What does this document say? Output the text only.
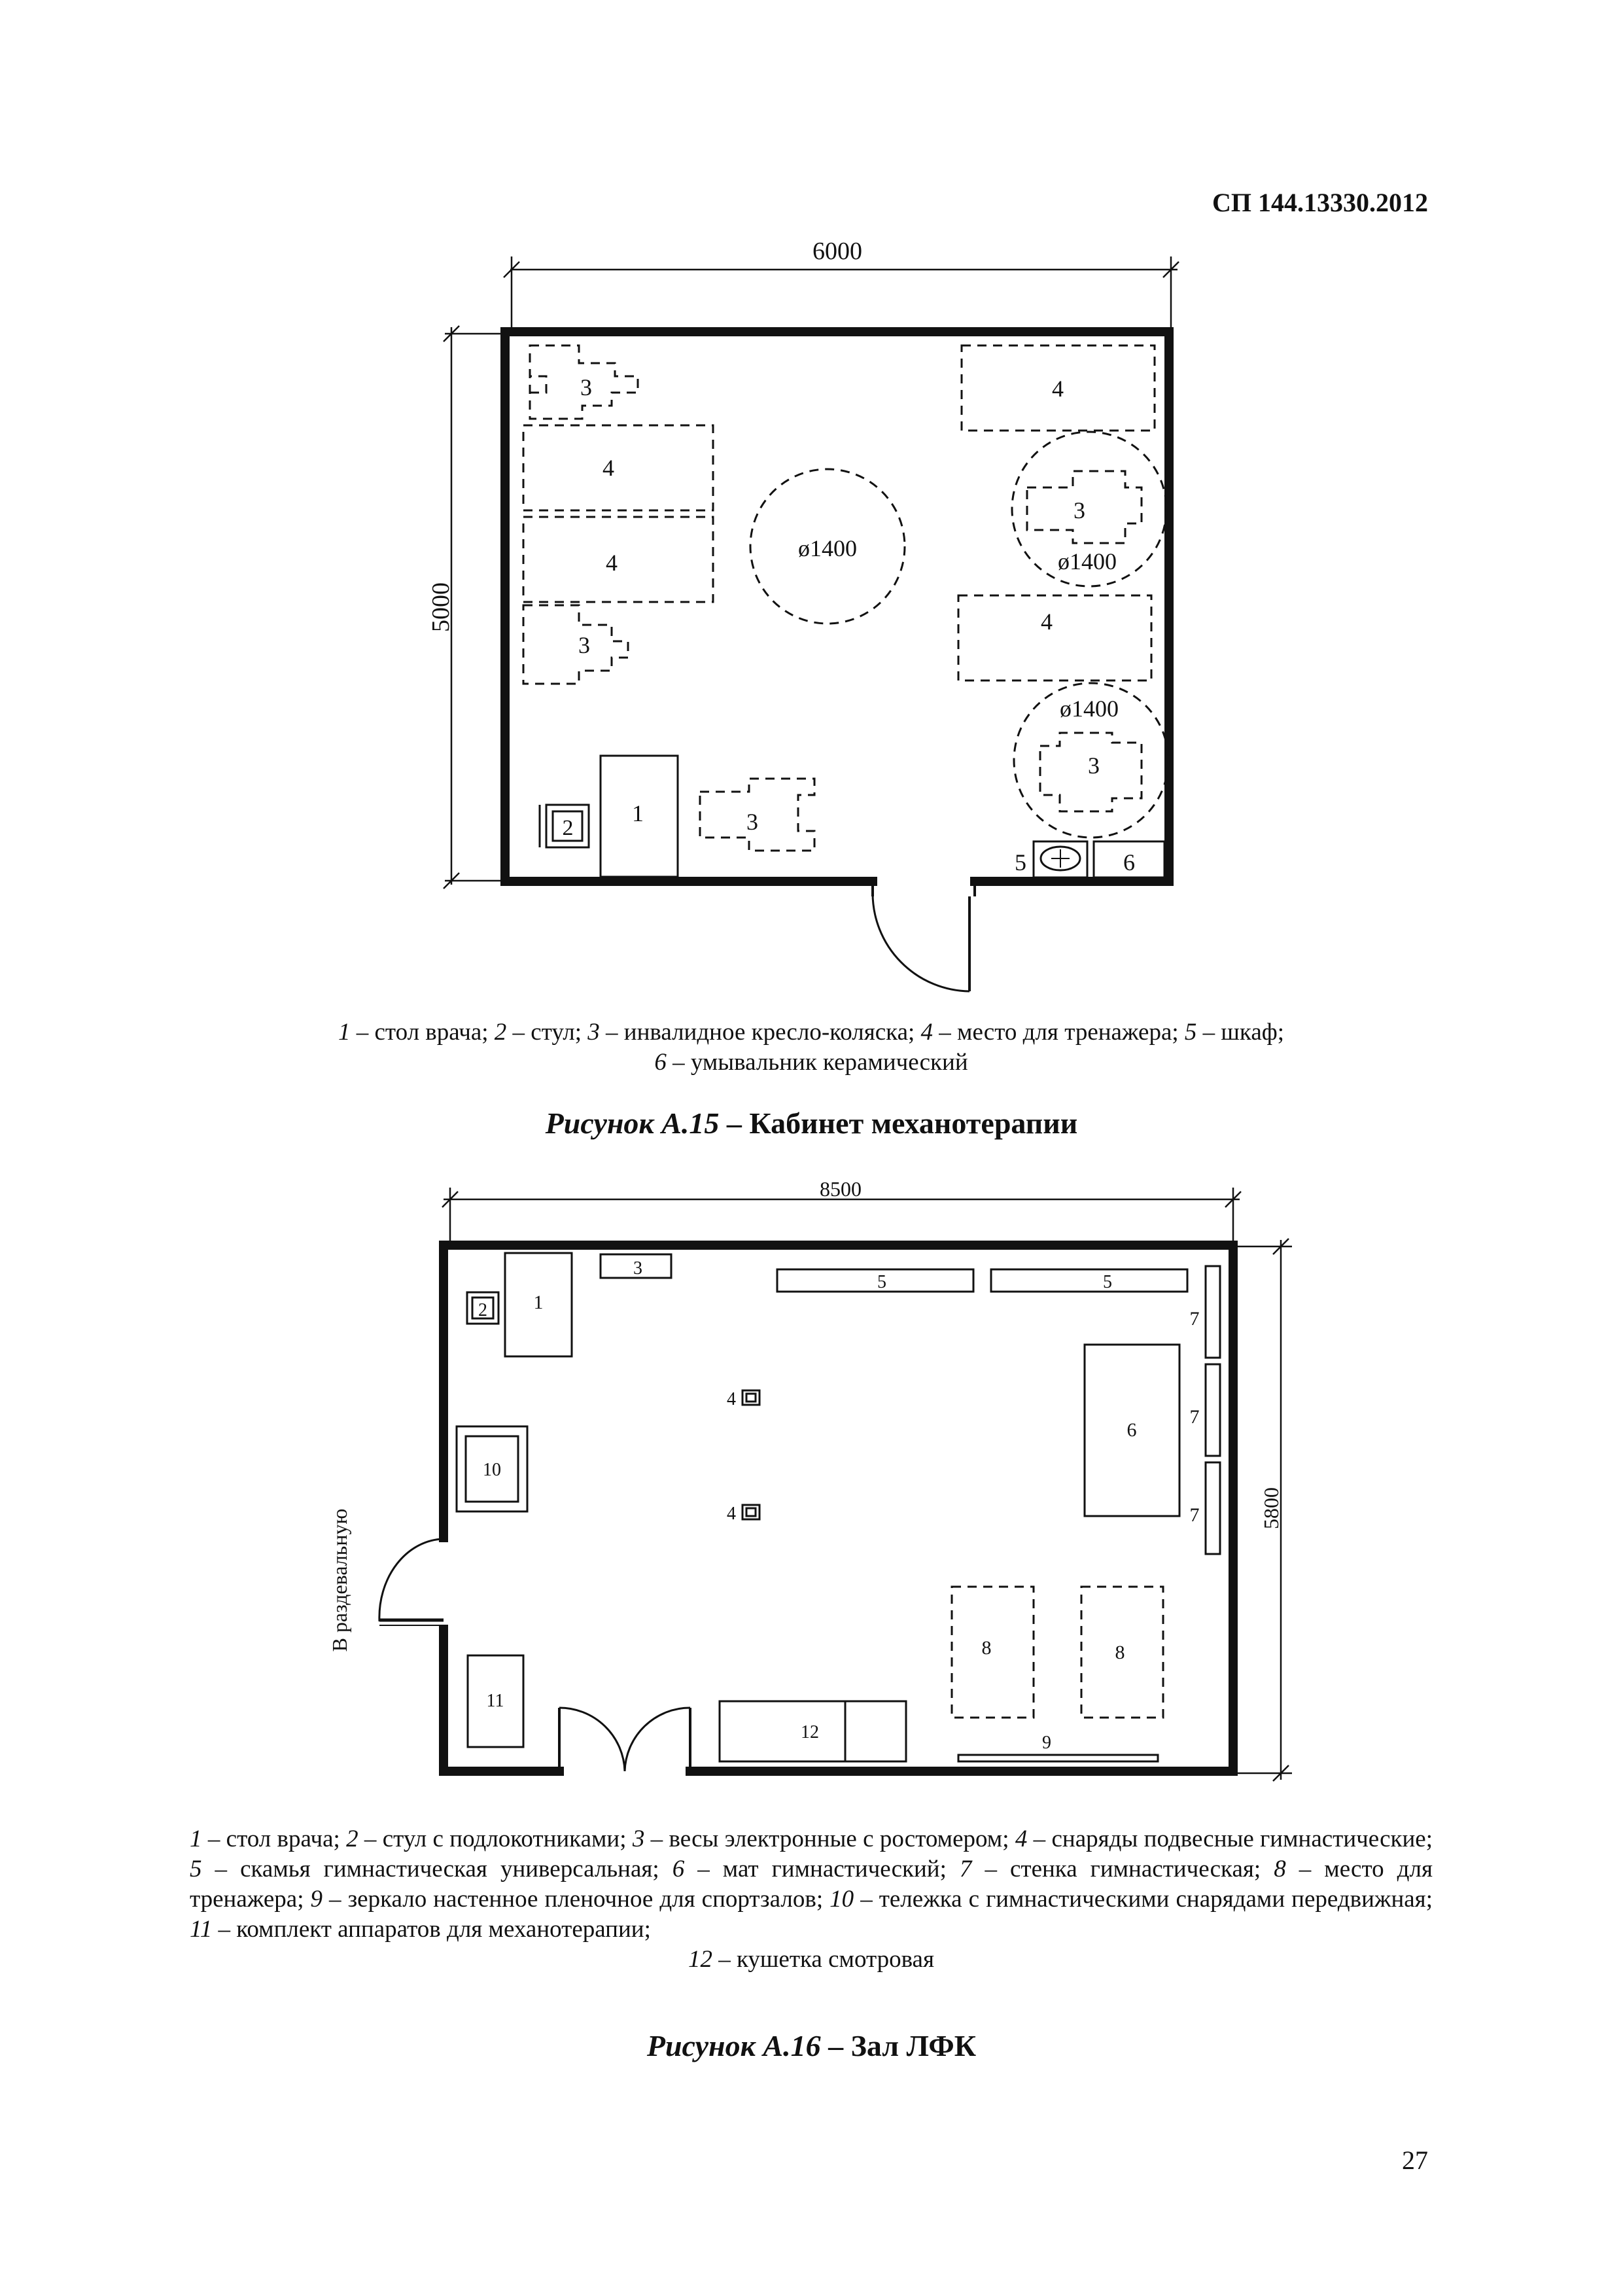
СП 144.13330.2012
6000
5000
3
3
3
4
4
4
4
ø1400
3
ø1400
ø1400
3
1
2
5	6
8500
5800
В раздевальную
1
2
3
5	5
4
4
6
7
7
7
10
8	8
9
11
12
1 – стол врача; 2 – стул; 3 – инвалидное кресло-коляска; 4 – место для тренажера; 5 – шкаф;
6 – умывальник керамический
Рисунок А.15 – Кабинет механотерапии
1 – стол врача; 2 – стул с подлокотниками; 3 – весы электронные с ростомером; 4 – снаряды подвесные гимнастические; 5 – скамья гимнастическая универсальная; 6 – мат гимнастический; 7 – стенка гимнастическая; 8 – место для тренажера; 9 – зеркало настенное пленочное для спортзалов; 10 – тележка с гимнастическими снарядами передвижная; 11 – комплект аппаратов для механотерапии;
12 – кушетка смотровая
Рисунок А.16 – Зал ЛФК
27
